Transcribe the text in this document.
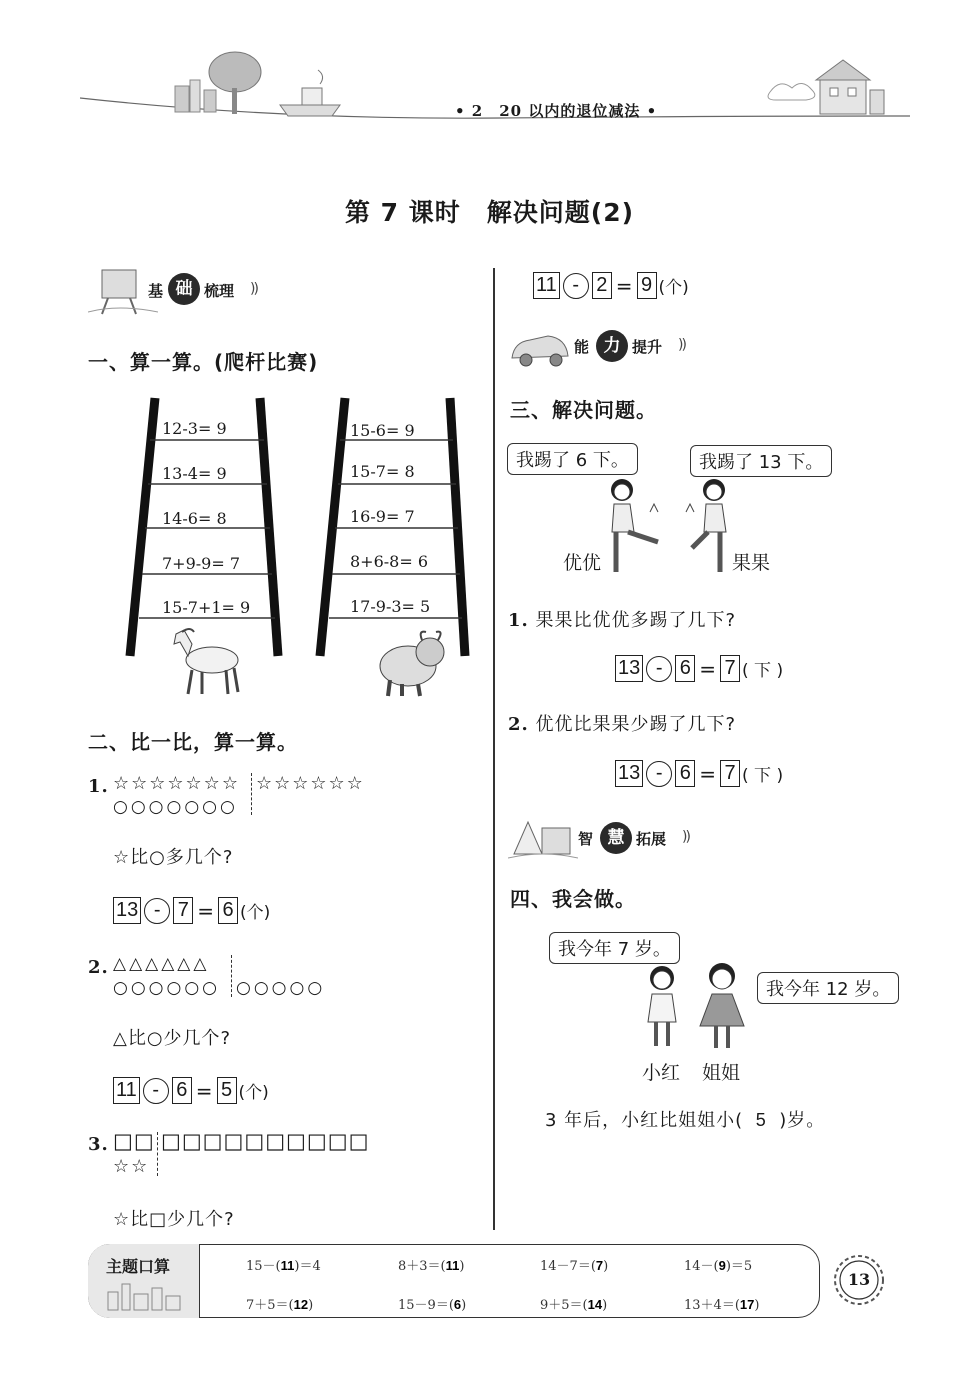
• 2　20 以内的退位减法 •
第 7 课时　解决问题(2)
基 础 梳理 ))
一、算一算。(爬杆比赛)
12-3= 9
13-4= 9
14-6= 8
7+9-9= 7
15-7+1= 9
15-6= 9
15-7= 8
16-9= 7
8+6-8= 6
17-9-3= 5
二、比一比，算一算。
1. ☆☆☆☆☆☆☆ ☆☆☆☆☆☆
○○○○○○○
☆比○多几个?
13 - 7 = 6 (个)
2. △△△△△△
○○○○○○ ○○○○○
△比○少几个?
11 - 6 = 5 (个)
3. □□ □□□□□□□□□□
☆☆
☆比□少几个?
11 - 2 = 9 (个)
能 力 提升 ))
三、解决问题。
我踢了 6 下。	我踢了 13 下。
优优	果果
1. 果果比优优多踢了几下?
13 - 6 = 7 ( 下 )
2. 优优比果果少踢了几下?
13 - 6 = 7 ( 下 )
智 慧 拓展 ))
四、我会做。
我今年 7 岁。
我今年 12 岁。
小红 姐姐
3 年后，小红比姐姐小( 5 )岁。
主题口算	15－(11)＝4	8＋3＝(11)	14－7＝(7)	14－(9)＝5
7＋5＝(12)	15－9＝(6)	9＋5＝(14)	13＋4＝(17)
13
